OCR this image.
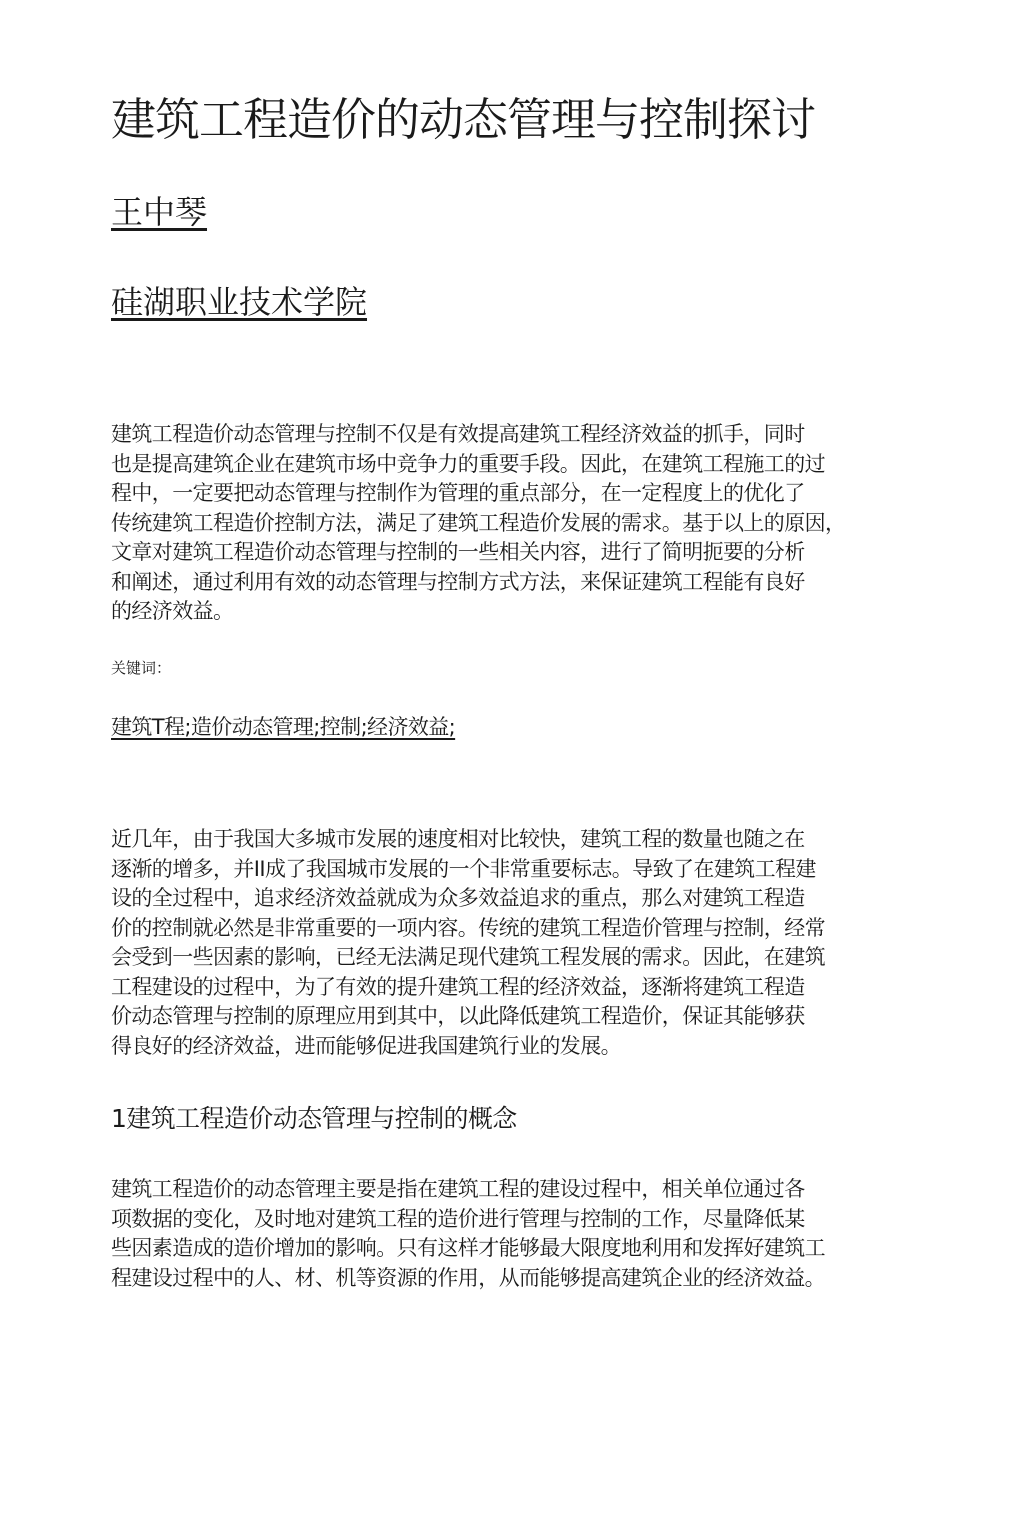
建筑工程造价的动态管理与控制探讨

王中琴

硅湖职业技术学院

建筑工程造价动态管理与控制不仅是有效提高建筑工程经济效益的抓手，同时
也是提高建筑企业在建筑市场中竞争力的重要手段。因此，在建筑工程施工的过
程中，一定要把动态管理与控制作为管理的重点部分，在一定程度上的优化了
传统建筑工程造价控制方法，满足了建筑工程造价发展的需求。基于以上的原因，
文章对建筑工程造价动态管理与控制的一些相关内容，进行了简明扼要的分析
和阐述，通过利用有效的动态管理与控制方式方法，来保证建筑工程能有良好
的经济效益。

关键词：

建筑T程;造价动态管理;控制;经济效益;

近几年，由于我国大多城市发展的速度相对比较快，建筑工程的数量也随之在
逐渐的增多，并II成了我国城市发展的一个非常重要标志。导致了在建筑工程建
设的全过程中，追求经济效益就成为众多效益追求的重点，那么对建筑工程造
价的控制就必然是非常重要的一项内容。传统的建筑工程造价管理与控制，经常
会受到一些因素的影响，已经无法满足现代建筑工程发展的需求。因此，在建筑
工程建设的过程中，为了有效的提升建筑工程的经济效益，逐渐将建筑工程造
价动态管理与控制的原理应用到其中，以此降低建筑工程造价，保证其能够获
得良好的经济效益，进而能够促进我国建筑行业的发展。
1建筑工程造价动态管理与控制的概念
建筑工程造价的动态管理主要是指在建筑工程的建设过程中，相关单位通过各
项数据的变化，及时地对建筑工程的造价进行管理与控制的工作，尽量降低某
些因素造成的造价增加的影响。只有这样才能够最大限度地利用和发挥好建筑工
程建设过程中的人、材、机等资源的作用，从而能够提高建筑企业的经济效益。
